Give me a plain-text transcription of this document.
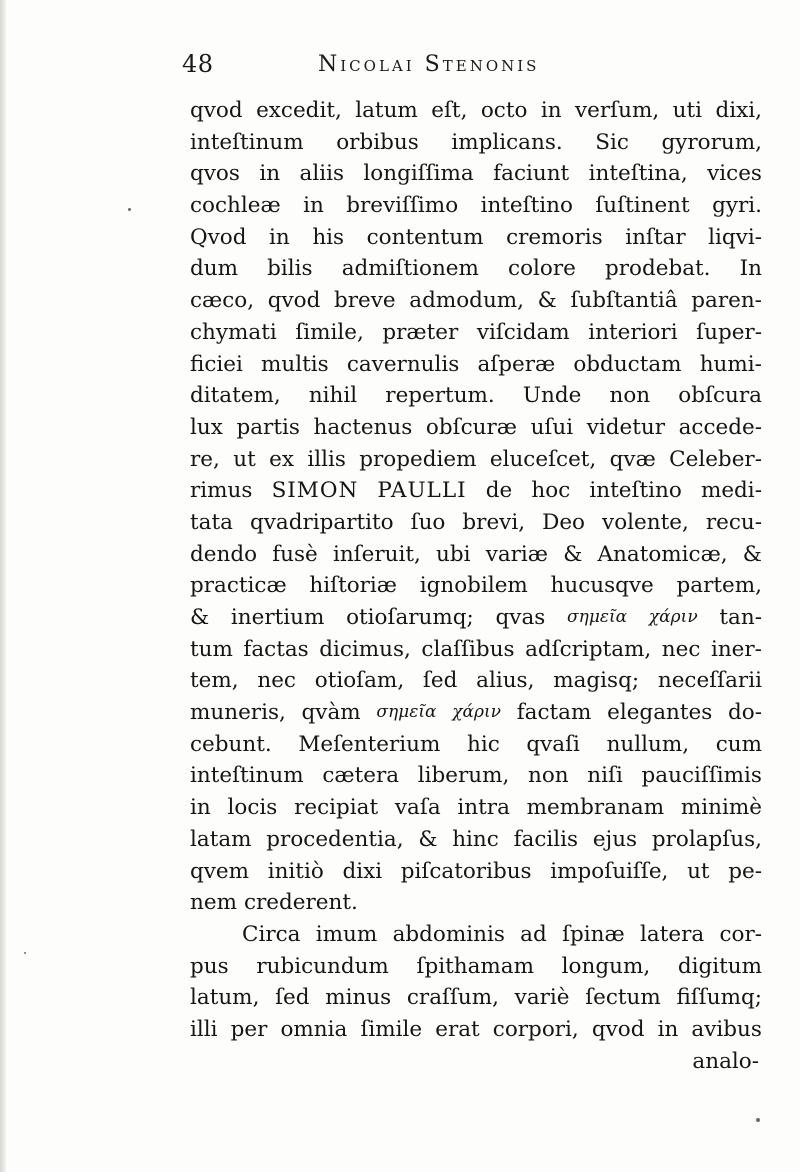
48	Nicolai Stenonis
qvod excedit, latum eſt, octo in verſum, uti dixi,
inteſtinum orbibus implicans. Sic gyrorum,
qvos in aliis longiſſima faciunt inteſtina, vices
cochleæ in breviſſimo inteſtino ſuſtinent gyri.
Qvod in his contentum cremoris inſtar liqvi-
dum bilis admiſtionem colore prodebat. In
cæco, qvod breve admodum, & ſubſtantiâ paren-
chymati ſimile, præter viſcidam interiori ſuper-
ficiei multis cavernulis aſperæ obductam humi-
ditatem, nihil repertum. Unde non obſcura
lux partis hactenus obſcuræ uſui videtur accede-
re, ut ex illis propediem eluceſcet, qvæ Celeber-
rimus SIMON PAULLI de hoc inteſtino medi-
tata qvadripartito ſuo brevi, Deo volente, recu-
dendo fusè inſeruit, ubi variæ & Anatomicæ, &
practicæ hiſtoriæ ignobilem hucusqve partem,
& inertium otioſarumq; qvas σημεῖα χάριν tan-
tum factas dicimus, claſſibus adſcriptam, nec iner-
tem, nec otioſam, ſed alius, magisq; neceſſarii
muneris, qvàm σημεῖα χάριν factam elegantes do-
cebunt. Meſenterium hic qvaſi nullum, cum
inteſtinum cætera liberum, non niſi pauciſſimis
in locis recipiat vaſa intra membranam minimè
latam procedentia, & hinc facilis ejus prolapſus,
qvem initiò dixi piſcatoribus impoſuiſſe, ut pe-
nem crederent.
Circa imum abdominis ad ſpinæ latera cor-
pus rubicundum ſpithamam longum, digitum
latum, ſed minus craſſum, variè ſectum fiſſumq;
illi per omnia ſimile erat corpori, qvod in avibus
analo-
